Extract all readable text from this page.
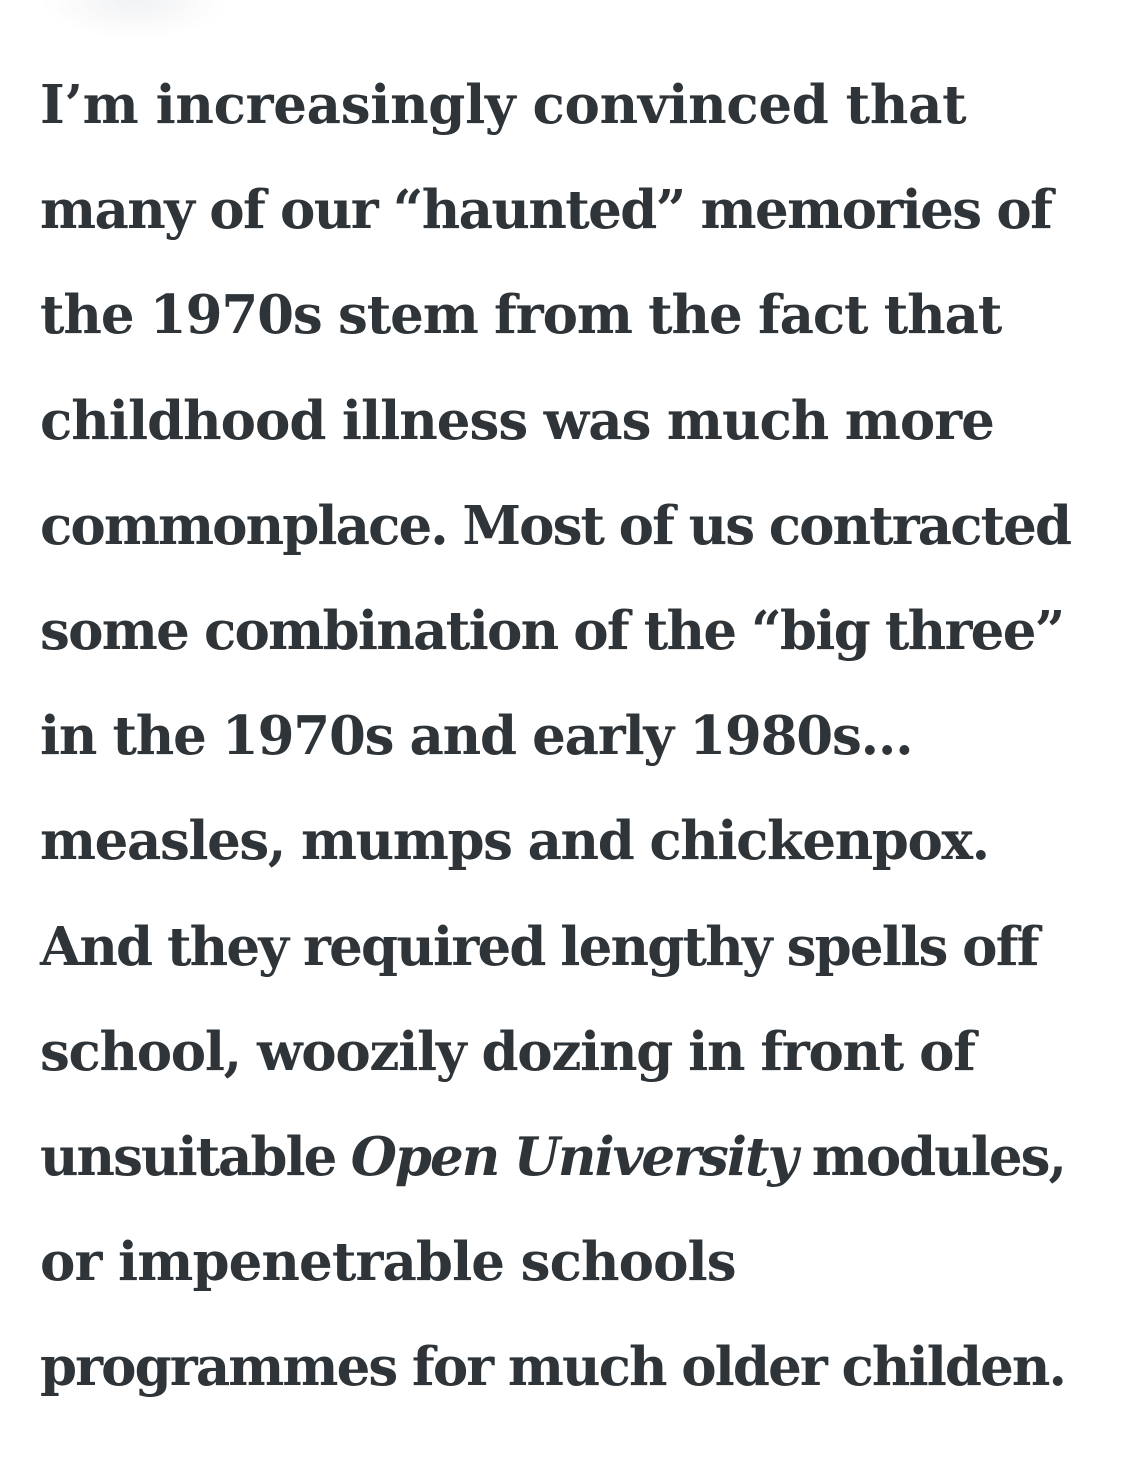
I’m increasingly convinced that
many of our “haunted” memories of
the 1970s stem from the fact that
childhood illness was much more
commonplace. Most of us contracted
some combination of the “big three”
in the 1970s and early 1980s…
measles, mumps and chickenpox.
And they required lengthy spells off
school, woozily dozing in front of
unsuitable Open University modules,
or impenetrable schools
programmes for much older childen.
